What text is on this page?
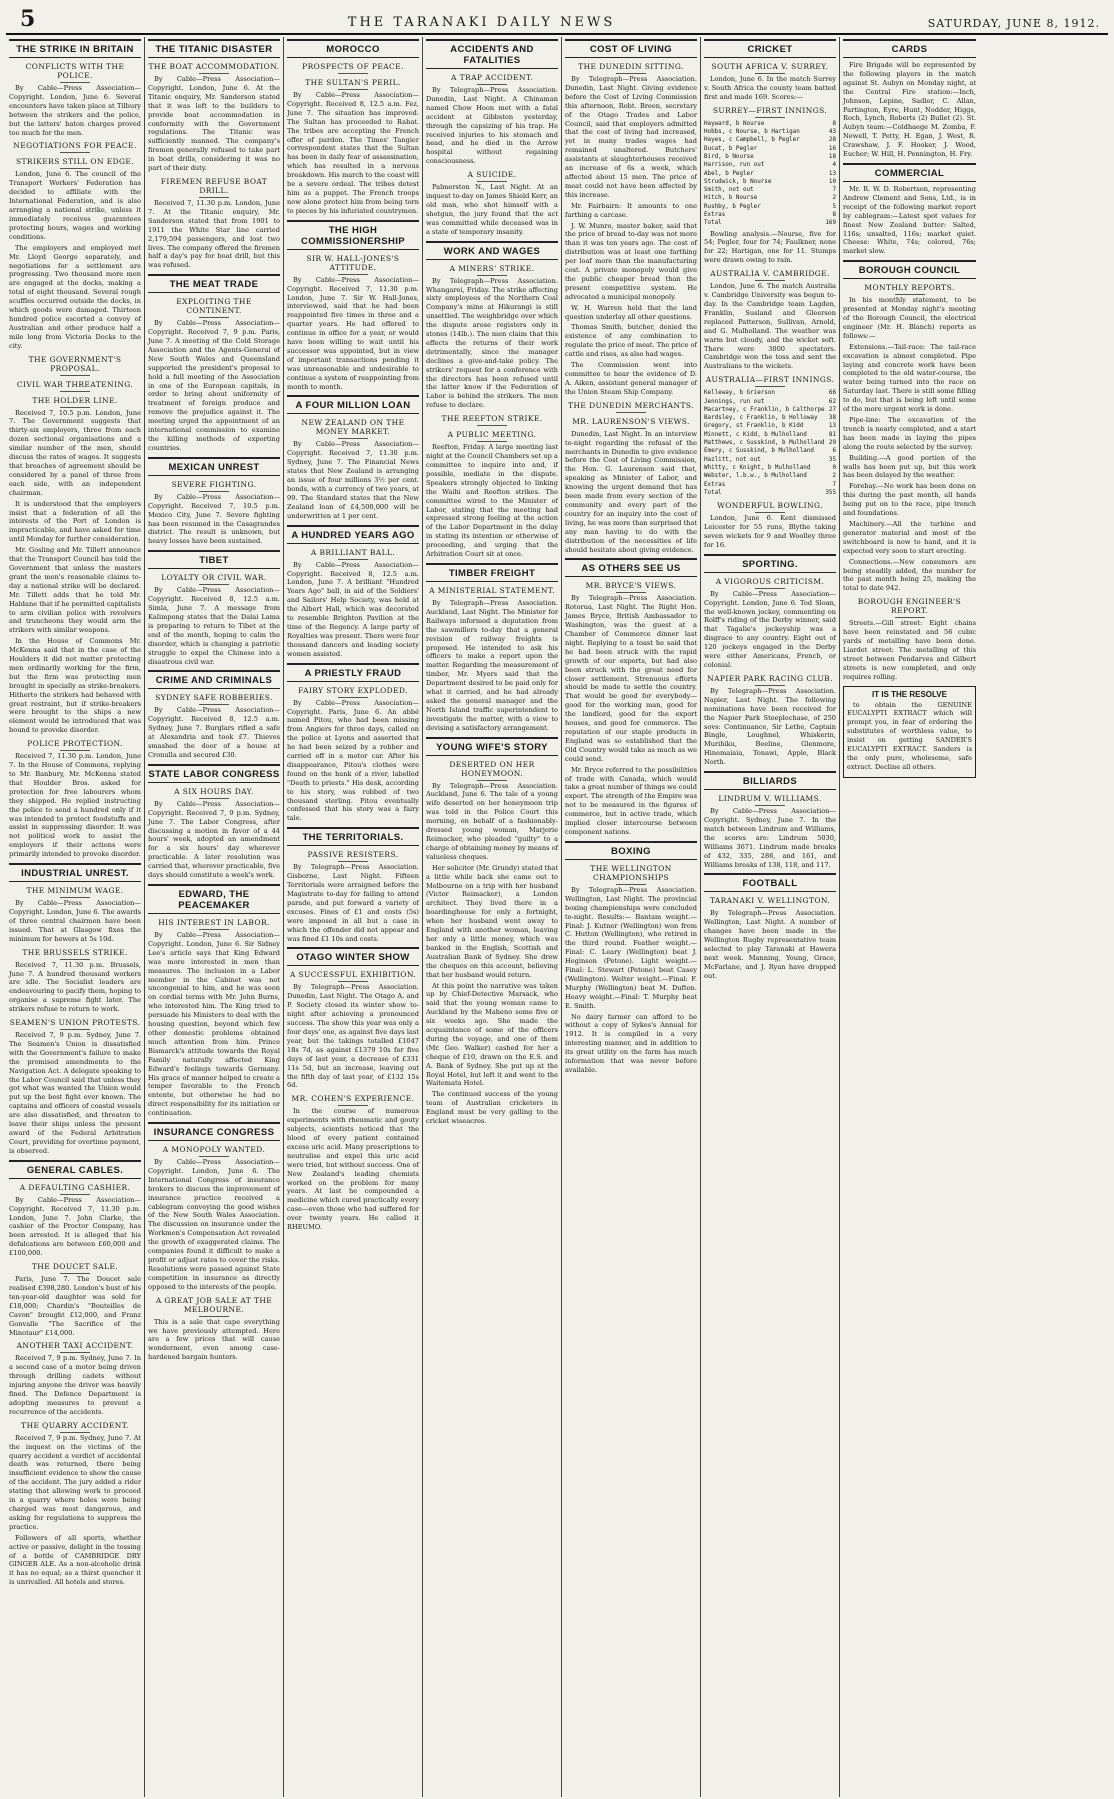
5	THE TARANAKI DAILY NEWS	SATURDAY, JUNE 8, 1912.
THE STRIKE IN BRITAIN
CONFLICTS WITH THE POLICE.
By Cable—Press Association—Copyright. London, June 6. Several encounters have taken place at Tilbury between the strikers and the police, but the latters' baton charges proved too much for the men.
NEGOTIATIONS FOR PEACE.
STRIKERS STILL ON EDGE.
London, June 6. The council of the Transport Workers' Federation has decided to affiliate with the International Federation, and is also arranging a national strike, unless it immediately receives guarantees protecting hours, wages and working conditions.
The employers and employed met Mr. Lloyd George separately, and negotiations for a settlement are progressing. Two thousand more men are engaged at the docks, making a total of eight thousand. Several rough scuffles occurred outside the docks, in which goods were damaged. Thirteen hundred police escorted a convoy of Australian and other produce half a mile long from Victoria Docks to the city.
THE GOVERNMENT'S PROPOSAL.
CIVIL WAR THREATENING.
THE HOLDER LINE.
Received 7, 10.5 p.m. London, June 7. The Government suggests that thirty-six employers, three from each dozen sectional organisations and a similar number of the men, should discuss the rates of wages. It suggests that breaches of agreement should be considered by a panel of three from each side, with an independent chairman.
It is understood that the employers insist that a federation of all the interests of the Port of London is impracticable, and have asked for time until Monday for further consideration.
Mr. Gosling and Mr. Tillett announce that the Transport Council has told the Government that unless the masters grant the men's reasonable claims to-day a national strike will be declared. Mr. Tillett adds that he told Mr. Haldane that if he permitted capitalists to arm civilian police with revolvers and truncheons they would arm the strikers with similar weapons.
In the House of Commons Mr. McKenna said that in the case of the Houlders it did not matter protecting men ordinarily working for the firm, but the firm was protecting men brought in specially as strike-breakers. Hitherto the strikers had behaved with great restraint, but if strike-breakers were brought to the ships a new element would be introduced that was bound to provoke disorder.
POLICE PROTECTION.
Received 7, 11.30 p.m. London, June 7. In the House of Commons, replying to Mr. Banbury, Mr. McKenna stated that Houlder Bros. asked for protection for free labourers whom they shipped. He replied instructing the police to send a hundred only if it was intended to protect foodstuffs and assist in suppressing disorder. It was not political work to assist the employers if their actions were primarily intended to provoke disorder.
INDUSTRIAL UNREST.
THE MINIMUM WAGE.
By Cable—Press Association—Copyright. London, June 6. The awards of three central chairmen have been issued. That at Glasgow fixes the minimum for hewers at 5s 10d.
THE BRUSSELS STRIKE.
Received 7, 11.30 p.m. Brussels, June 7. A hundred thousand workers are idle. The Socialist leaders are endeavouring to pacify them, hoping to organise a supreme fight later. The strikers refuse to return to work.
SEAMEN'S UNION PROTESTS.
Received 7, 9 p.m. Sydney, June 7. The Seamen's Union is dissatisfied with the Government's failure to make the promised amendments to the Navigation Act. A delegate speaking to the Labor Council said that unless they got what was wanted the Union would put up the best fight ever known. The captains and officers of coastal vessels are also dissatisfied, and threaten to leave their ships unless the present award of the Federal Arbitration Court, providing for overtime payment, is observed.
GENERAL CABLES.
A DEFAULTING CASHIER.
By Cable—Press Association—Copyright. Received 7, 11.30 p.m. London, June 7. John Clarke, the cashier of the Proctor Company, has been arrested. It is alleged that his defalcations are between £60,000 and £100,000.
THE DOUCET SALE.
Paris, June 7. The Doucet sale realised £398,280. London's bust of his ten-year-old daughter was sold for £18,000; Chardin's "Bouteilles de Cavon" brought £12,000, and Franz Gonvalle "The Sacrifice of the Minotaur" £14,000.
ANOTHER TAXI ACCIDENT.
Received 7, 9 p.m. Sydney, June 7. In a second case of a motor being driven through drilling cadets without injuring anyone the driver was heavily fined. The Defence Department is adopting measures to prevent a recurrence of the accidents.
THE QUARRY ACCIDENT.
Received 7, 9 p.m. Sydney, June 7. At the inquest on the victims of the quarry accident a verdict of accidental death was returned, there being insufficient evidence to show the cause of the accident. The jury added a rider stating that allowing work to proceed in a quarry where holes were being charged was most dangerous, and asking for regulations to suppress the practice.
Followers of all sports, whether active or passive, delight in the tossing of a bottle of CAMBRIDGE DRY GINGER ALE. As a non-alcoholic drink it has no equal; as a thirst quencher it is unrivalled. All hotels and stores.
THE TITANIC DISASTER
THE BOAT ACCOMMODATION.
By Cable—Press Association—Copyright. London, June 6. At the Titanic enquiry, Mr. Sanderson stated that it was left to the builders to provide boat accommodation in conformity with the Government regulations. The Titanic was sufficiently manned. The company's firemen generally refused to take part in boat drills, considering it was no part of their duty.
FIREMEN REFUSE BOAT DRILL.
Received 7, 11.30 p.m. London, June 7. At the Titanic enquiry, Mr. Sanderson stated that from 1901 to 1911 the White Star line carried 2,179,594 passengers, and lost two lives. The company offered the firemen half a day's pay for boat drill, but this was refused.
THE MEAT TRADE
EXPLOITING THE CONTINENT.
By Cable—Press Association—Copyright. Received 7, 9 p.m. Paris, June 7. A meeting of the Cold Storage Association and the Agents-General of New South Wales and Queensland supported the president's proposal to hold a full meeting of the Association in one of the European capitals, in order to bring about uniformity of treatment of foreign produce and remove the prejudice against it. The meeting urged the appointment of an international commission to examine the killing methods of exporting countries.
MEXICAN UNREST
SEVERE FIGHTING.
By Cable—Press Association—Copyright. Received 7, 10.5 p.m. Mexico City, June 7. Severe fighting has been resumed in the Casagrandes district. The result is unknown, but heavy losses have been sustained.
TIBET
LOYALTY OR CIVIL WAR.
By Cable—Press Association—Copyright. Received 8, 12.5 a.m. Simla, June 7. A message from Kalimpong states that the Dalai Lama is preparing to return to Tibet at the end of the month, hoping to calm the disorder, which is changing a patriotic struggle to expel the Chinese into a disastrous civil war.
CRIME AND CRIMINALS
SYDNEY SAFE ROBBERIES.
By Cable—Press Association—Copyright. Received 8, 12.5 a.m. Sydney, June 7. Burglars rifled a safe at Alexandria and took £7. Thieves smashed the door of a house at Cronulla and secured £30.
STATE LABOR CONGRESS
A SIX HOURS DAY.
By Cable—Press Association—Copyright. Received 7, 9 p.m. Sydney, June 7. The Labor Congress, after discussing a motion in favor of a 44 hours' week, adopted an amendment for a six hours' day wherever practicable. A later resolution was carried that, wherever practicable, five days should constitute a week's work.
EDWARD, THE PEACEMAKER
HIS INTEREST IN LABOR.
By Cable—Press Association—Copyright. London, June 6. Sir Sidney Lee's article says that King Edward was more interested in men than measures. The inclusion in a Labor member in the Cabinet was not uncongenial to him, and he was soon on cordial terms with Mr. John Burns, who interested him. The King tried to persuade his Ministers to deal with the housing question, beyond which few other domestic problems obtained much attention from him. Prince Bismarck's attitude towards the Royal Family naturally affected King Edward's feelings towards Germany. His grace of manner helped to create a temper favorable to the French entente, but otherwise he had no direct responsibility for its initiation or continuation.
INSURANCE CONGRESS
A MONOPOLY WANTED.
By Cable—Press Association—Copyright. London, June 6. The International Congress of insurance brokers to discuss the improvement of insurance practice received a cablegram conveying the good wishes of the New South Wales Association. The discussion on insurance under the Workmen's Compensation Act revealed the growth of exaggerated claims. The companies found it difficult to make a profit or adjust rates to cover the risks. Resolutions were passed against State competition in insurance as directly opposed to the interests of the people.
A GREAT JOB SALE AT THE MELBOURNE.
This is a sale that cape everything we have previously attempted. Here are a few prices that will cause wonderment, even among case-hardened bargain hunters.
MOROCCO
PROSPECTS OF PEACE.
THE SULTAN'S PERIL.
By Cable—Press Association—Copyright. Received 8, 12.5 a.m. Fez, June 7. The situation has improved. The Sultan has proceeded to Rabat. The tribes are accepting the French offer of pardon. The Times' Tangier correspondent states that the Sultan has been in daily fear of assassination, which has resulted in a nervous breakdown. His march to the coast will be a severe ordeal. The tribes detest him as a puppet. The French troops now alone protect him from being torn to pieces by his infuriated countrymen.
THE HIGH COMMISSIONERSHIP
SIR W. HALL-JONES'S ATTITUDE.
By Cable—Press Association—Copyright. Received 7, 11.30 p.m. London, June 7. Sir W. Hall-Jones, interviewed, said that he had been reappointed five times in three and a quarter years. He had offered to continue in office for a year, or would have been willing to wait until his successor was appointed, but in view of important transactions pending it was unreasonable and undesirable to continue a system of reappointing from month to month.
A FOUR MILLION LOAN
NEW ZEALAND ON THE MONEY MARKET.
By Cable—Press Association—Copyright. Received 7, 11.30 p.m. Sydney, June 7. The Financial News states that New Zealand is arranging an issue of four millions 3½ per cent. bonds, with a currency of two years, at 99. The Standard states that the New Zealand loan of £4,500,000 will be underwritten at 1 per cent.
A HUNDRED YEARS AGO
A BRILLIANT BALL.
By Cable—Press Association—Copyright. Received 8, 12.5 a.m. London, June 7. A brilliant "Hundred Years Ago" ball, in aid of the Soldiers' and Sailors' Help Society, was held at the Albert Hall, which was decorated to resemble Brighton Pavilion at the time of the Regency. A large party of Royalties was present. There were four thousand dancers and leading society women assisted.
A PRIESTLY FRAUD
FAIRY STORY EXPLODED.
By Cable—Press Association—Copyright. Paris, June 6. An abbé named Pitou, who had been missing from Angiers for three days, called on the police at Lyons and asserted that he had been seized by a robber and carried off in a motor car. After his disappearance, Pitou's clothes were found on the bank of a river, labelled "Death to priests." His desk, according to his story, was robbed of two thousand sterling. Pitou eventually confessed that his story was a fairy tale.
THE TERRITORIALS.
PASSIVE RESISTERS.
By Telegraph—Press Association. Gisborne, Last Night. Fifteen Territorials were arraigned before the Magistrate to-day for failing to attend parade, and put forward a variety of excuses. Fines of £1 and costs (5s) were imposed in all but a case in which the offender did not appear and was fined £1 10s and costs.
OTAGO WINTER SHOW
A SUCCESSFUL EXHIBITION.
By Telegraph—Press Association. Dunedin, Last Night. The Otago A. and P. Society closed its winter show to-night after achieving a pronounced success. The show this year was only a four days' one, as against five days last year, but the takings totalled £1047 18s 7d, as against £1379 10s for five days of last year, a decrease of £331 11s 5d, but an increase, leaving out the fifth day of last year, of £132 15s 6d.
MR. COHEN'S EXPERIENCE.
In the course of numerous experiments with rheumatic and gouty subjects, scientists noticed that the blood of every patient contained excess uric acid. Many prescriptions to neutralise and expel this uric acid were tried, but without success. One of New Zealand's leading chemists worked on the problem for many years. At last he compounded a medicine which cured practically every case—even those who had suffered for over twenty years. He called it RHEUMO.
ACCIDENTS AND FATALITIES
A TRAP ACCIDENT.
By Telegraph—Press Association. Dunedin, Last Night. A Chinaman named Chow Hoon met with a fatal accident at Gibbston yesterday, through the capsizing of his trap. He received injuries to his stomach and head, and he died in the Arrow hospital without regaining consciousness.
A SUICIDE.
Palmerston N., Last Night. At an inquest to-day on James Shield Kerr, an old man, who shot himself with a shotgun, the jury found that the act was committed while deceased was in a state of temporary insanity.
WORK AND WAGES
A MINERS' STRIKE.
By Telegraph—Press Association. Whangarei, Friday. The strike affecting sixty employees of the Northern Coal Company's mine at Hikurangi is still unsettled. The weighbridge over which the dispute arose registers only in stones (14lb.). The men claim that this effects the returns of their work detrimentally, since the manager declines a give-and-take policy. The strikers' request for a conference with the directors has been refused until the latter know if the Federation of Labor is behind the strikers. The men refuse to declare.
THE REEFTON STRIKE.
A PUBLIC MEETING.
Reefton, Friday. A large meeting last night at the Council Chambers set up a committee to inquire into and, if possible, mediate in the dispute. Speakers strongly objected to linking the Waihi and Reefton strikes. The committee wired to the Minister of Labor, stating that the meeting had expressed strong feeling at the action of the Labor Department in the delay in stating its intention or otherwise of proceeding, and urging that the Arbitration Court sit at once.
TIMBER FREIGHT
A MINISTERIAL STATEMENT.
By Telegraph—Press Association. Auckland, Last Night. The Minister for Railways informed a deputation from the sawmillers to-day that a general revision of railway freights is proposed. He intended to ask his officers to make a report upon the matter. Regarding the measurement of timber, Mr. Myers said that the Department desired to be paid only for what it carried, and he had already asked the general manager and the North Island traffic superintendent to investigate the matter, with a view to devising a satisfactory arrangement.
YOUNG WIFE'S STORY
DESERTED ON HER HONEYMOON.
By Telegraph—Press Association. Auckland, June 6. The tale of a young wife deserted on her honeymoon trip was told in the Police Court this morning, on behalf of a fashionably-dressed young woman, Marjorie Reimacker, who pleaded "guilty" to a charge of obtaining money by means of valueless cheques.
Her solicitor (Mr. Grundy) stated that a little while back she came out to Melbourne on a trip with her husband (Victor Reimacker), a London architect. They lived there in a boardinghouse for only a fortnight, when her husband went away to England with another woman, leaving her only a little money, which was banked in the English, Scottish and Australian Bank of Sydney. She drew the cheques on this account, believing that her husband would return.
At this point the narrative was taken up by Chief-Detective Marsack, who said that the young woman came to Auckland by the Maheno some five or six weeks ago. She made the acquaintance of some of the officers during the voyage, and one of them (Mr. Geo. Walker) cashed for her a cheque of £10, drawn on the E.S. and A. Bank of Sydney. She put up at the Royal Hotel, but left it and went to the Waitemata Hotel.
The continued success of the young team of Australian cricketers in England must be very galling to the cricket wiseacres.
COST OF LIVING
THE DUNEDIN SITTING.
By Telegraph—Press Association. Dunedin, Last Night. Giving evidence before the Cost of Living Commission this afternoon, Robt. Breen, secretary of the Otago Trades and Labor Council, said that employers admitted that the cost of living had increased, yet in many trades wages had remained unaltered. Butchers' assistants at slaughterhouses received an increase of 6s a week, which affected about 15 men. The price of meat could not have been affected by this increase.
Mr. Fairbairn: It amounts to one farthing a carcase.
J. W. Munro, master baker, said that the price of bread to-day was not more than it was ten years ago. The cost of distribution was at least one farthing per loaf more than the manufacturing cost. A private monopoly would give the public cheaper bread than the present competitive system. He advocated a municipal monopoly.
W. H. Warren held that the land question underlay all other questions.
Thomas Smith, butcher, denied the existence of any combination to regulate the price of meat. The price of cattle and rises, as also had wages.
The Commission went into committee to hear the evidence of D. A. Aiken, assistant general manager of the Union Steam Ship Company.
THE DUNEDIN MERCHANTS.
MR. LAURENSON'S VIEWS.
Dunedin, Last Night. In an interview to-night regarding the refusal of the merchants in Dunedin to give evidence before the Cost of Living Commission, the Hon. G. Laurenson said that, speaking as Minister of Labor, and knowing the urgent demand that has been made from every section of the community and every part of the country for an inquiry into the cost of living, he was more than surprised that any man having to do with the distribution of the necessities of life should hesitate about giving evidence.
AS OTHERS SEE US
MR. BRYCE'S VIEWS.
By Telegraph—Press Association. Rotorua, Last Night. The Right Hon. James Bryce, British Ambassador to Washington, was the guest at a Chamber of Commerce dinner last night. Replying to a toast he said that he had been struck with the rapid growth of our exports, but had also been struck with the great need for closer settlement. Strenuous efforts should be made to settle the country. That would be good for everybody—good for the working man, good for the landlord, good for the export houses, and good for commerce. The reputation of our staple products in England was so established that the Old Country would take as much as we could send.
Mr. Bryce referred to the possibilities of trade with Canada, which would take a great number of things we could export. The strength of the Empire was not to be measured in the figures of commerce, but in active trade, which implied closer intercourse between component nations.
BOXING
THE WELLINGTON CHAMPIONSHIPS
By Telegraph—Press Association. Wellington, Last Night. The provincial boxing championships were concluded to-night. Results:— Bantam weight.—Final: J. Kutner (Wellington) won from C. Hutton (Wellington), who retired in the third round. Feather weight.—Final: C. Leary (Wellington) beat J. Heginson (Petone). Light weight.—Final: L. Stewart (Petone) beat Casey (Wellington). Welter weight.—Final: F. Murphy (Wellington) beat M. Dufton. Heavy weight.—Final: T. Murphy beat E. Smith.
No dairy farmer can afford to be without a copy of Sykes's Annual for 1912. It is compiled in a very interesting manner, and in addition to its great utility on the farm has much information that was never before available.
CRICKET
SOUTH AFRICA V. SURREY.
London, June 6. In the match Surrey v. South Africa the county team batted first and made 169. Scores:—
SURREY—FIRST INNINGS.
Hayward, b Nourse	8
Hobbs, c Nourse, b Hartigan	43
Hayes, c Campbell, b Pegler	28
Ducat, b Pegler	16
Bird, b Nourse	18
Harrison, run out	4
Abel, b Pegler	13
Strudwick, b Nourse	10
Smith, not out	7
Hitch, b Nourse	2
Rushby, b Pegler	5
Extras	8
Total	169
Bowling analysis.—Nourse, five for 54; Pegler, four for 74; Faulkner, none for 22; Hartigan, one for 11. Stumps were drawn owing to rain.
AUSTRALIA V. CAMBRIDGE.
London, June 6. The match Australia v. Cambridge University was begun to-day. In the Cambridge team Lagden, Franklin, Susland and Gleerson replaced Patterson, Sullivan, Arnold, and G. Mulholland. The weather was warm but cloudy, and the wicket soft. There were 3000 spectators. Cambridge won the toss and sent the Australians to the wickets.
AUSTRALIA—FIRST INNINGS.
Kelleway, b Grierson	66
Jennings, run out	62
Macartney, c Franklin, b Calthorpe 27
Bardsley, c Franklin, b Holloway 38
Gregory, st Franklin, b Kidd	13
Minnett, c Kidd, b Mulholland	81
Matthews, c Susskind, b Mulholland 29
Emery, c Susskind, b Mulholland	6
Hazlitt, not out	35
Whitty, c Knight, b Mulholland	0
Webster, l.b.w., b Mulholland	2
Extras	7
Total	355
WONDERFUL BOWLING.
London, June 6. Kent dismissed Leicester for 55 runs, Blythe taking seven wickets for 9 and Woolley three for 16.
SPORTING.
A VIGOROUS CRITICISM.
By Cable—Press Association—Copyright. London, June 6. Tod Sloan, the well-known jockey, commenting on Rolff's riding of the Derby winner, said that Tagalie's jockeyship was a disgrace to any country. Eight out of 120 jockeys engaged in the Derby were either Americans, French, or colonial.
NAPIER PARK RACING CLUB.
By Telegraph—Press Association. Napier, Last Night. The following nominations have been received for the Napier Park Steeplechase, of 250 sovs: Continuance, Sir Lethe, Captain Bingle, Loughnel, Whiskerin, Murihiku, Beeline, Glenmore, Hinemaiaia, Tonawi, Apple, Black North.
BILLIARDS
LINDRUM V. WILLIAMS.
By Cable—Press Association—Copyright. Sydney, June 7. In the match between Lindrum and Williams, the scores are: Lindrum 5030, Williams 3671. Lindrum made breaks of 432, 335, 286, and 161, and Williams breaks of 138, 118, and 117.
FOOTBALL
TARANAKI V. WELLINGTON.
By Telegraph—Press Association. Wellington, Last Night. A number of changes have been made in the Wellington Rugby representative team selected to play Taranaki at Hawera next week. Manning, Young, Grace, McFarlane, and J. Ryan have dropped out.
CARDS
Fire Brigade will be represented by the following players in the match against St. Aubyn on Monday night, at the Central Fire station:—Inch, Johnson, Lepine, Sadler, C. Allan, Partington, Eyre, Hunt, Nodder, Higgs, Roch, Lynch, Roberts (2) Bullet (2). St. Aubyn team:—Coldhaege M. Zomba, F. Newell, T. Petty, H. Egan, J. West, R. Crawshaw, J. F. Hooker, J. Wood, Eucher; W. Hill, H. Pennington, H. Fry.
COMMERCIAL
Mr. R. W. D. Robertson, representing Andrew Clement and Sons, Ltd., is in receipt of the following market report by cablegram:—Latest spot values for finest New Zealand butter: Salted, 116s; unsalted, 116s; market quiet. Cheese: White, 74s; colored, 76s; market slow.
BOROUGH COUNCIL
MONTHLY REPORTS.
In his monthly statement, to be presented at Monday night's meeting of the Borough Council, the electrical engineer (Mr. H. Blanch) reports as follows:—
Extensions.—Tail-race: The tail-race excavation is almost completed. Pipe laying and concrete work have been completed to the old water-course, the water being turned into the race on Saturday last. There is still some filling to do, but that is being left until some of the more urgent work is done.
Pipe-line: The excavation of the trench is nearly completed, and a start has been made in laying the pipes along the route selected by the survey.
Building.—A good portion of the walls has been put up, but this work has been delayed by the weather.
Forebay.—No work has been done on this during the past month, all hands being put on to the race, pipe trench and foundations.
Machinery.—All the turbine and generator material and most of the switchboard is now to hand, and it is expected very soon to start erecting.
Connections.—New consumers are being steadily added, the number for the past month being 25, making the total to date 942.
BOROUGH ENGINEER'S REPORT.
Streets.—Gill street: Eight chains have been reinstated and 56 cubic yards of metalling have been done. Liardet street: The metalling of this street between Pendarves and Gilbert streets is now completed, and only requires rolling.
IT IS THE RESOLVE
to obtain the GENUINE EUCALYPTI EXTRACT which will prompt you, in fear of ordering the substitutes of worthless value, to insist on getting SANDER'S EUCALYPTI EXTRACT. Sanders is the only pure, wholesome, safe extract. Decline all others.
